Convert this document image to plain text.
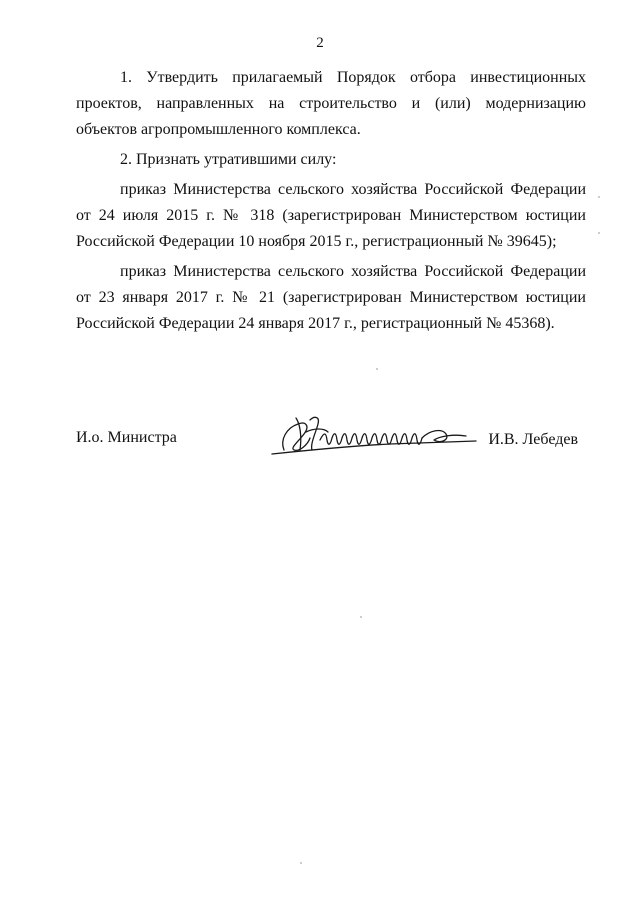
2

1. Утвердить прилагаемый Порядок отбора инвестиционных проектов, направленных на строительство и (или) модернизацию объектов агропромышленного комплекса.

2. Признать утратившими силу:

приказ Министерства сельского хозяйства Российской Федерации от 24 июля 2015 г. № 318 (зарегистрирован Министерством юстиции Российской Федерации 10 ноября 2015 г., регистрационный № 39645);

приказ Министерства сельского хозяйства Российской Федерации от 23 января 2017 г. № 21 (зарегистрирован Министерством юстиции Российской Федерации 24 января 2017 г., регистрационный № 45368).

И.о. Министра	И.В. Лебедев
